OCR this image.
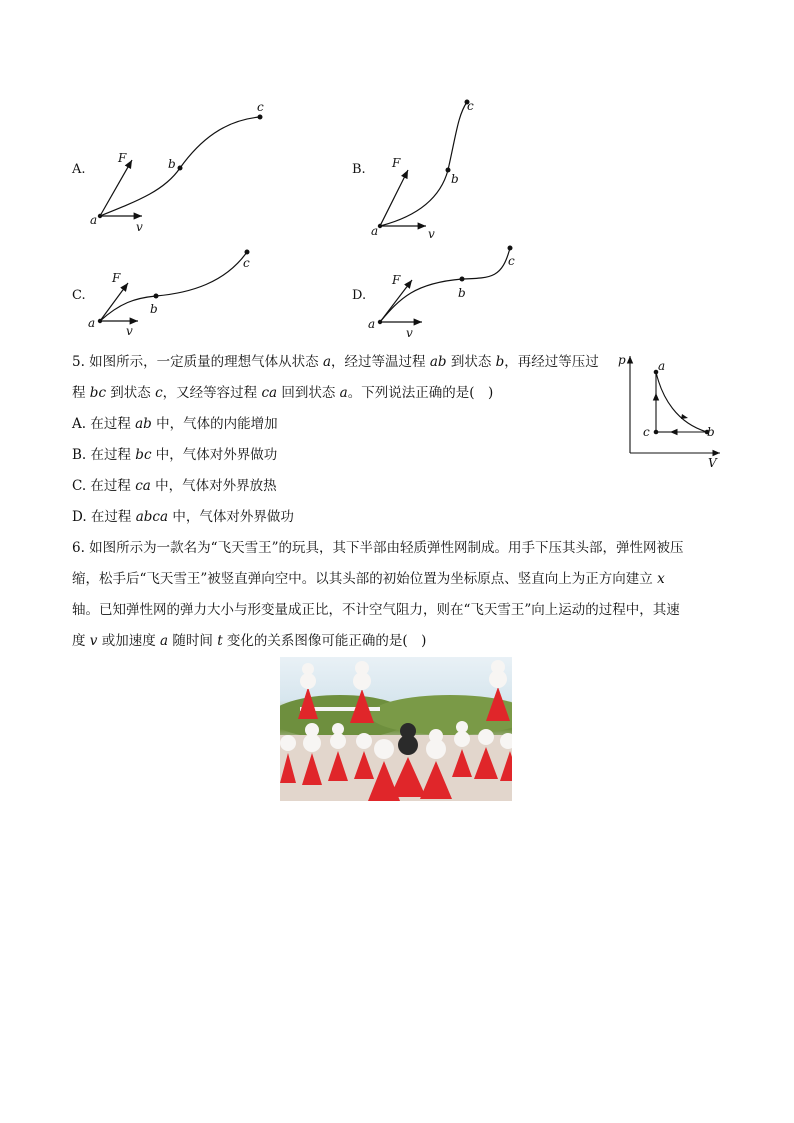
A.
F
a	v
b
c
B. F
a	v
b
c
C.
F
a
v
b
c
D.
F
a
v
b
c
5. 如图所示，一定质量的理想气体从状态 a，经过等温过程 ab 到状态 b，再经过等压过
程 bc 到状态 c，又经等容过程 ca 回到状态 a。下列说法正确的是(　)
A. 在过程 ab 中，气体的内能增加
B. 在过程 bc 中，气体对外界做功
C. 在过程 ca 中，气体对外界放热
D. 在过程 abca 中，气体对外界做功
p
V
a
b
c
6. 如图所示为一款名为“飞天雪王”的玩具，其下半部由轻质弹性网制成。用手下压其头部，弹性网被压
缩，松手后“飞天雪王”被竖直弹向空中。以其头部的初始位置为坐标原点、竖直向上为正方向建立 x
轴。已知弹性网的弹力大小与形变量成正比，不计空气阻力，则在“飞天雪王”向上运动的过程中，其速
度 v 或加速度 a 随时间 t 变化的关系图像可能正确的是(　)
